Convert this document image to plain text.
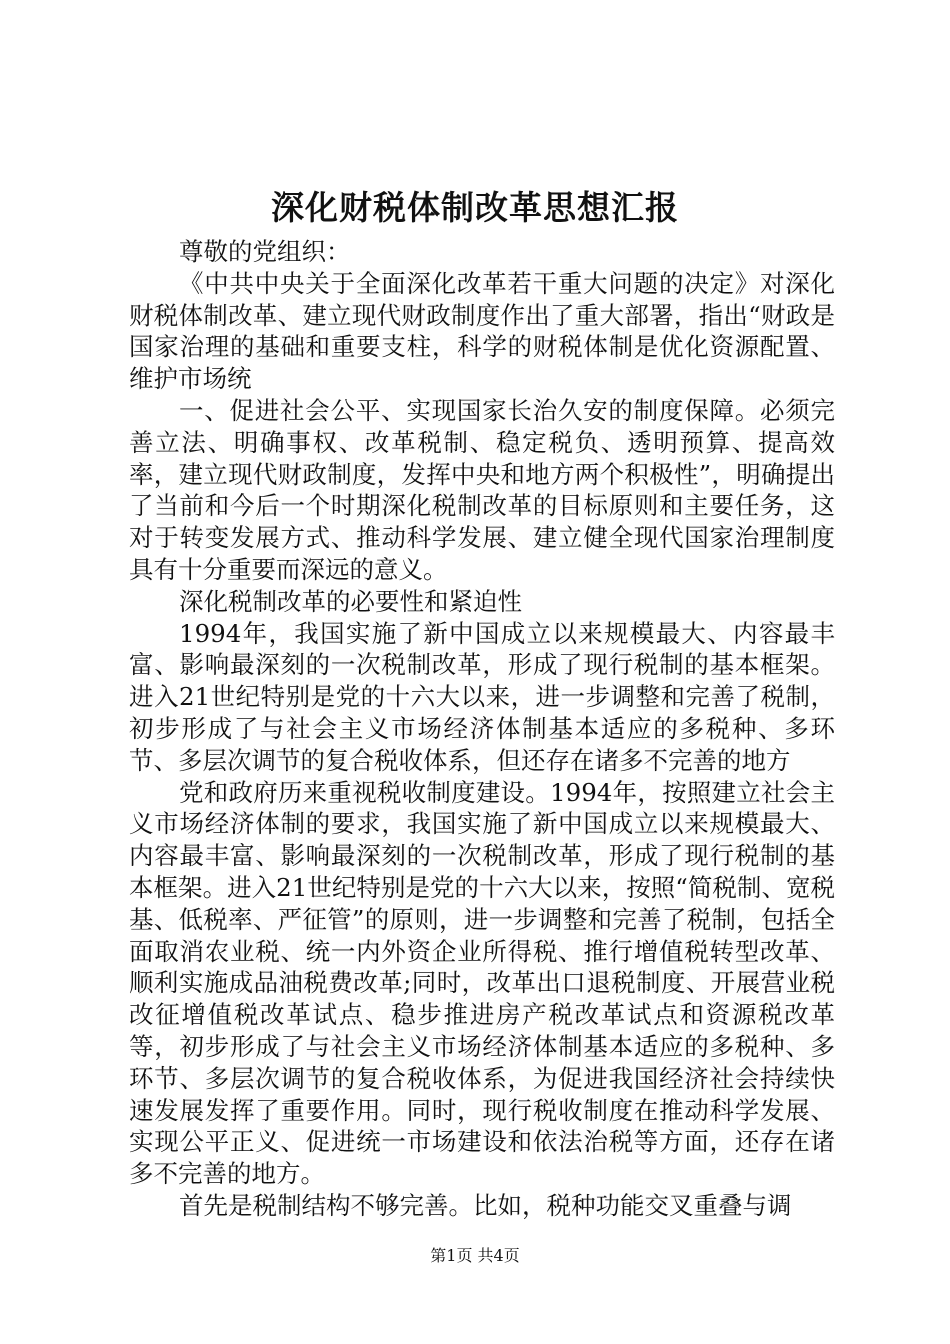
深化财税体制改革思想汇报

尊敬的党组织：

《中共中央关于全面深化改革若干重大问题的决定》对深化财税体制改革、建立现代财政制度作出了重大部署，指出“财政是国家治理的基础和重要支柱，科学的财税体制是优化资源配置、维护市场统

一、促进社会公平、实现国家长治久安的制度保障。必须完善立法、明确事权、改革税制、稳定税负、透明预算、提高效率，建立现代财政制度，发挥中央和地方两个积极性”，明确提出了当前和今后一个时期深化税制改革的目标原则和主要任务，这对于转变发展方式、推动科学发展、建立健全现代国家治理制度具有十分重要而深远的意义。

深化税制改革的必要性和紧迫性

1994年，我国实施了新中国成立以来规模最大、内容最丰富、影响最深刻的一次税制改革，形成了现行税制的基本框架。进入21世纪特别是党的十六大以来，进一步调整和完善了税制，初步形成了与社会主义市场经济体制基本适应的多税种、多环节、多层次调节的复合税收体系，但还存在诸多不完善的地方

党和政府历来重视税收制度建设。1994年，按照建立社会主义市场经济体制的要求，我国实施了新中国成立以来规模最大、内容最丰富、影响最深刻的一次税制改革，形成了现行税制的基本框架。进入21世纪特别是党的十六大以来，按照“简税制、宽税基、低税率、严征管”的原则，进一步调整和完善了税制，包括全面取消农业税、统一内外资企业所得税、推行增值税转型改革、顺利实施成品油税费改革;同时，改革出口退税制度、开展营业税改征增值税改革试点、稳步推进房产税改革试点和资源税改革等，初步形成了与社会主义市场经济体制基本适应的多税种、多环节、多层次调节的复合税收体系，为促进我国经济社会持续快速发展发挥了重要作用。同时，现行税收制度在推动科学发展、实现公平正义、促进统一市场建设和依法治税等方面，还存在诸多不完善的地方。

首先是税制结构不够完善。比如，税种功能交叉重叠与调

第1页 共4页
